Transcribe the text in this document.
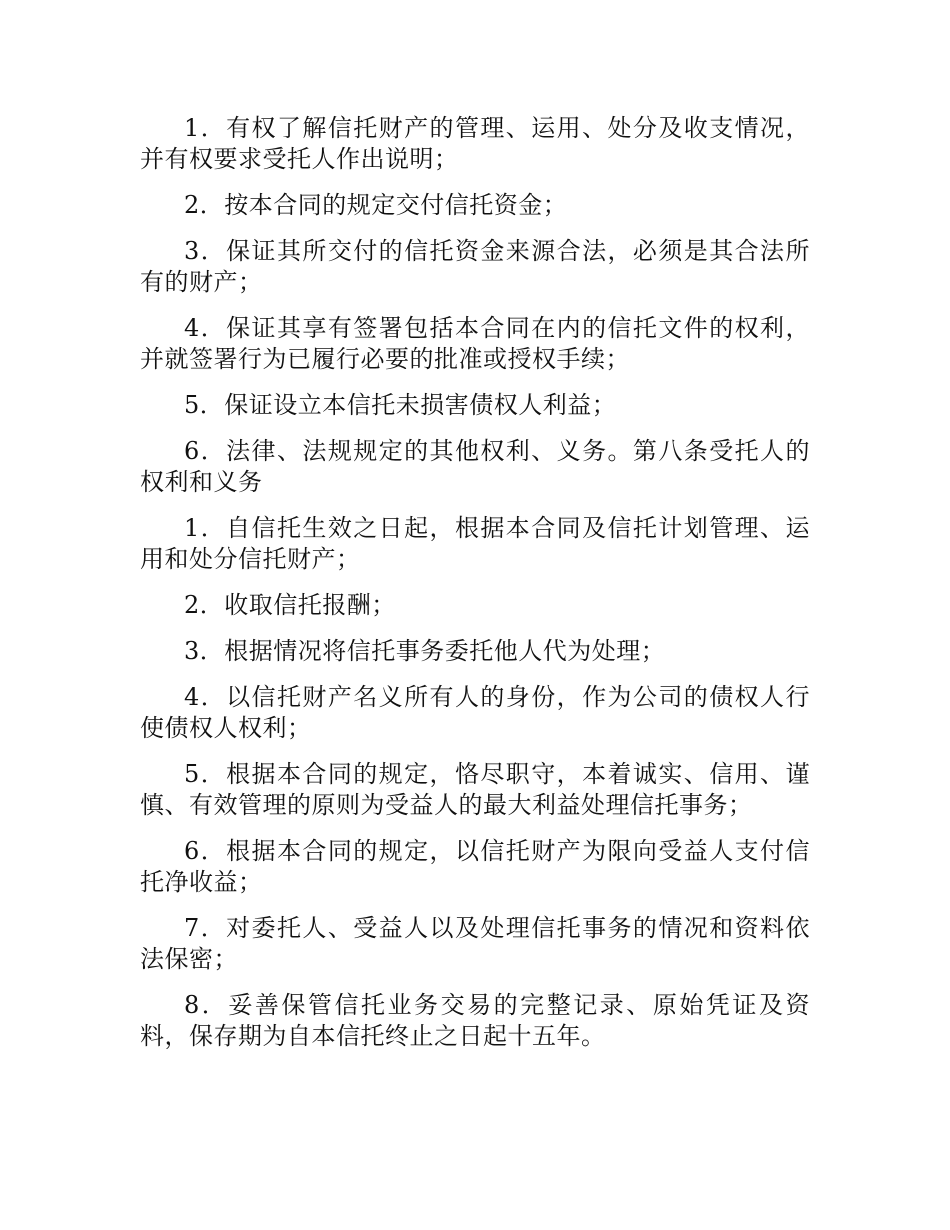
1．有权了解信托财产的管理、运用、处分及收支情况，并有权要求受托人作出说明；

2．按本合同的规定交付信托资金；

3．保证其所交付的信托资金来源合法，必须是其合法所有的财产；

4．保证其享有签署包括本合同在内的信托文件的权利，并就签署行为已履行必要的批准或授权手续；

5．保证设立本信托未损害债权人利益；

6．法律、法规规定的其他权利、义务。第八条受托人的权利和义务

1．自信托生效之日起，根据本合同及信托计划管理、运用和处分信托财产；

2．收取信托报酬；

3．根据情况将信托事务委托他人代为处理；

4．以信托财产名义所有人的身份，作为公司的债权人行使债权人权利；

5．根据本合同的规定，恪尽职守，本着诚实、信用、谨慎、有效管理的原则为受益人的最大利益处理信托事务；

6．根据本合同的规定，以信托财产为限向受益人支付信托净收益；

7．对委托人、受益人以及处理信托事务的情况和资料依法保密；

8．妥善保管信托业务交易的完整记录、原始凭证及资料，保存期为自本信托终止之日起十五年。
